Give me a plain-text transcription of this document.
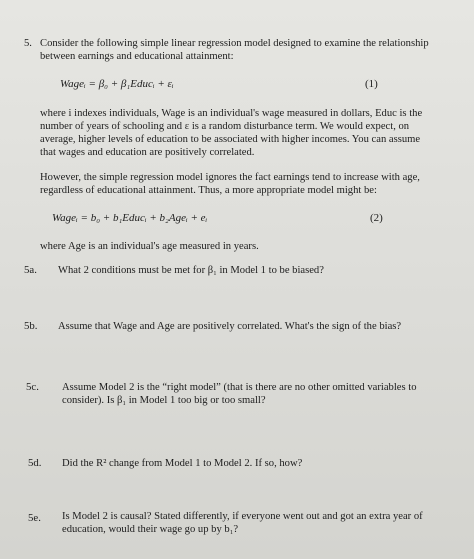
5. Consider the following simple linear regression model designed to examine the relationship
between earnings and educational attainment:
Wageᵢ = β₀ + β₁Educᵢ + εᵢ	(1)
where i indexes individuals, Wage is an individual's wage measured in dollars, Educ is the
number of years of schooling and ε is a random disturbance term. We would expect, on
average, higher levels of education to be associated with higher incomes. You can assume
that wages and education are positively correlated.
However, the simple regression model ignores the fact earnings tend to increase with age,
regardless of educational attainment. Thus, a more appropriate model might be:
Wageᵢ = b₀ + b₁Educᵢ + b₂Ageᵢ + eᵢ	(2)
where Age is an individual's age measured in years.
5a. What 2 conditions must be met for β₁ in Model 1 to be biased?
5b. Assume that Wage and Age are positively correlated. What's the sign of the bias?
5c. Assume Model 2 is the “right model” (that is there are no other omitted variables to
consider). Is β₁ in Model 1 too big or too small?
5d. Did the R² change from Model 1 to Model 2. If so, how?
5e. Is Model 2 is causal? Stated differently, if everyone went out and got an extra year of
education, would their wage go up by b₁?
